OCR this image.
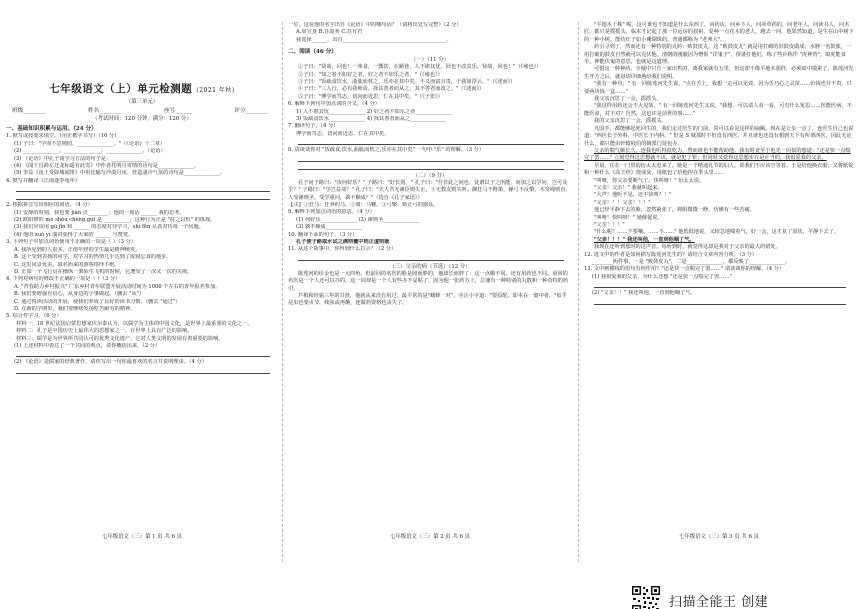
七年级语文（上）单元检测题 (2021 年秋)
（第三单元）
班级________	姓名________	座号______	评分________
（考试时间：120 分钟，满分：120 分）
一、基础知识积累与运用。（24 分）
1. 默写或按要求填空。（用正楷字书写）（10 分）
(1) 子曰："学而不思则罔，______________。"（《论语》十二章）
(2) ______________，______________；______________。（论语）
(3) 《论语》中孔子谈学习方法的句子是：______________。
(4) 《闻王昌龄左迁龙标遥有此寄》中作者托明月寄情的诗句是______________。
(5) 李益《夜上受降城闻笛》中用比喻写沙漠月夜、营造凄冷气氛的诗句是______________。
4. 默写并翻译《江南逢李龟年》
2. 根据拼音写出相应的词语。（4 分）
(1) 安静的时刻，我也要 jiǎn 点________；他的一席话 ______ 我的思考。
(2) 欧阳修的 mò shǒu chéng guī 是 __________，这种行为正是 "持之以恒" 的体现。
(3) 我们应该用 gǔ jīn 和 ______ 的态度对待学习，shí fēn 认真对待每一个问题。
(4) 他的 zuò yì 演讲获得了大家的 ______ 与赞赏。
3. 下列句子中加点词语使用不正确的一项是（ ）（3 分）
A. 我所见到的人很多，正值年轻的学生最是精神焕发。
B. 这个受到表扬的同学，对学习的热情几乎达到了废寝忘食的地步。
C. 这里风景优美，慕名而来的游客络绎不绝。
D. 正如一个飞行员在操纵一架陌生飞机的时候，它遭受了一次又一次的失败。
4. 下列对病句的修改不正确的一项是（ ）（3 分）
A. "青春助力乡村振兴" 广东乡村青年联盟开展活动时间为 1000 个左右的青年报名参加。
B. 我们要增强自信心，从身边的小事做起。（删去 "从"）
C. 通过悦读活动的开展，使我们养成了良好的读书习惯。（删去 "通过"）
D. 在新的学期里，我们要继续发扬吃苦耐劳的精神。
5. 综合性学习。（6 分）
材料一：18 世纪法国启蒙思想家伏尔泰认为，以儒学为主体的中国文化，是世界上最重要的文化之一。
材料二：孔子是中国历史上最伟大的思想家之一，在世界上具有广泛的影响。
材料三：儒学是为世界所共同认可的优秀文化遗产，它对人类文明的发展有着重要的影响。
(1) 上述材料中表达了一个共同的观点，请你概括出来。（2 分）
(2) 《论语》是儒家的经典著作，请你写出一句你最喜欢的名言并说明理由。（4 分）
七年级语文（三）第 1 页 共 6 页
一位，这说他的名字出自《论语》中的哪句话？（请将出处写完整）（2 分）
A.周宣身 B.任韶务 C.苏有君
我选择______，出自________________________________________。
二、阅读（46 分）
（一）（11 分）
①子曰："贤哉，回也！一箪食，一瓢饮，在陋巷，人不堪其忧，回也不改其乐。贤哉，回也！"（《雍也》）
②子曰："知之者不如好之者，好之者不如乐之者。"（《雍也》）
③子曰："饭疏食饮水，曲肱而枕之，乐亦在其中矣。不义而富且贵，于我如浮云。"（《述而》）
④子曰："三人行，必有我师焉。择其善者而从之，其不善者而改之。"（《述而》）
⑤子曰："博学而笃志，切问而近思，仁在其中矣。"（《子张》）
6. 解释下列句中加点词的含义。（4 分）
1) 人不堪其忧______________ 2) 好之者不如乐之者______________
3) 饭疏食饮水______________ 4) 择其善者而从之______________
7. 翻译句子。（4 分）
博学而笃志，切问而近思，仁在其中矣。
8. 请谈谈你对 "饭疏食,饮水,曲肱而枕之,乐亦在其中矣" 一句中 "乐" 的理解。（3 分）
（二）（9 分）
孔子问子路曰："汝何好乐？" 子路曰："好长剑。" 孔子曰："吾非此之问也。徒谓以子之所能，而加之以学问，岂可及乎？" 子路曰："学岂益哉？" 孔子曰："夫人君无谏臣则失正，士无教友则失听。御狂马不释策，操弓不反檠。木受绳则直，人受谏则圣。受学重问，孰不顺成？"（选自《孔子家语》）
【注】①狂马：狂奔的马。②策：马鞭。③弓檠：矫正弓的器具。
9. 解释下列加点词语的意思。（4 分）
(1) 何好乐______________ (2) 谏则圣______________
(3) 孰不顺成______________
10. 翻译下面的句子。（3 分）
孔子使子路取水试之满则覆中则正虚则欹
11. 从这个故事中，你得到什么启示？（2 分）
（三）父亲的病（节选）（12 分）
陈莲河的诊金也是一元四角。但前回的名医的脸是圆而胖的，他却长而胖了：这一点颇不同。还有用药也不同。前回的名医是一个人还可以办的，这一回却是一个人有些办不妥帖了，因为他一张药方上，总兼有一种特别的丸散和一种奇特的药引。
芦根和经霜三年的甘蔗，他就从来没有用过。最平常的是"蟋蟀一对"，旁注小字道："要原配，即本在一窠中者。"似乎昆虫也要贞节，续弦或再醮，连做药资格也丧失了。
七年级语文（三）第 2 页 共 6 页
"平地木十株" 呢，这可谁也不知道是什么东西了。问药店，问乡下人，问卖草药的，问老年人，问读书人，问木匠，都只是摇摇头，临末才记起了那一位远房的叔祖，爱种一点花木的老人，跑去一问，他果然知道，是生在山中树下的一种小树，能结红子如小珊瑚珠的，普通都称为 "老弗大"。
药引寻到了，然而还有一种特别的丸药：败鼓皮丸。这 "败鼓皮丸" 就是用打破的旧鼓皮做成；水肿一名鼓胀，一用打破的鼓皮自然就可以克伏他。清朝的刚毅因为憎恨 "洋鬼子"，预备打他们，练了些兵称作 "虎神营"，取虎能食羊，神能伏鬼的意思，也就是这道理。
可惜这一种神药，全城中只有一家出售的，离我家就有五里，但这却不像平地木那样，必须暗中摸索了，陈莲河先生开方之后，就恳切详细地给我们说明。
"我有一种丹，" 有一回陈莲河先生说，"点在舌上，我想一定可以见效。因为舌乃心之灵苗……价钱也并不贵，只要两块钱一盒……"
我父亲沉思了一会，摇摇头。
"我这样用药还会不大见效，" 有一回陈莲河先生又说，"我想，可以请人看一看，可有什么冤愆……医能医病，不能医命，对不对？自然，这也许是前世的事……"
我的父亲沉思了一会，摇摇头。
凡国手，都能够起死回生的，我们走过医生的门前，常可以看见这样的扁额。现在是让步一点了，连医生自己也说道："西医长于外科，中医长于内科。" 但是 S 城那时不但没有西医，并且谁也还没有想到天下有所谓西医，因此无论什么，都只能由轩辕岐伯的嫡派门徒包办。
父亲的喘气颇长久，连我也听得很吃力，然而谁也不能帮助他。我有时竟至于电光一闪似的想道："还是快一点喘完了罢……" 立刻觉得这思想就不该，就是犯了罪；但同时又觉得这思想实在是正当的，我很爱我的父亲。
早晨，住在一门里的衍太太进来了。她是一个精通礼节的妇人，说我们不应该空等着。于是给他换衣服；又将纸锭和一种什么《高王经》烧成灰，用纸包了给他捏在拳头里……
"叫呀，你父亲要断气了。快叫呀！" 衍太太说。
"父亲！父亲！" 我就叫起来。
"大声！他听不见。还不快叫？！"
"父亲！！！父亲！！！"
他已经平静下去的脸，忽然紧张了，将眼微微一睁，仿佛有一些苦痛。
"叫呀！快叫呀！" 她催促说。
"父亲！！！"
"什么呢？……不要嚷。……不……" 他低低地说，又较急地喘着气，好一会，这才复了原状，平静下去了。
"父亲！！！" 我还叫他，一直到他咽了气。
我现在还听到那时的这声音，每听到时，就觉得这却是我对于父亲的最大的错处。
12. 选文中的作者是如何描写陈莲河先生的？请结合文章内容分析。（3 分）
________两件事，一是 "败鼓皮丸"，二是______________，都反映了______________。
13. 文中画横线的语句有何作用？"还是快一点喘完了罢……" 请谈谈你的理解。（4 分）
(1) 我很爱我的父亲，为什么还想 "还是快一点喘完了罢……"
(2) "父亲！！" 我还叫他，一直到他咽了气。
七年级语文（三）第 3 页 共 6 页
扫描全能王 创建
